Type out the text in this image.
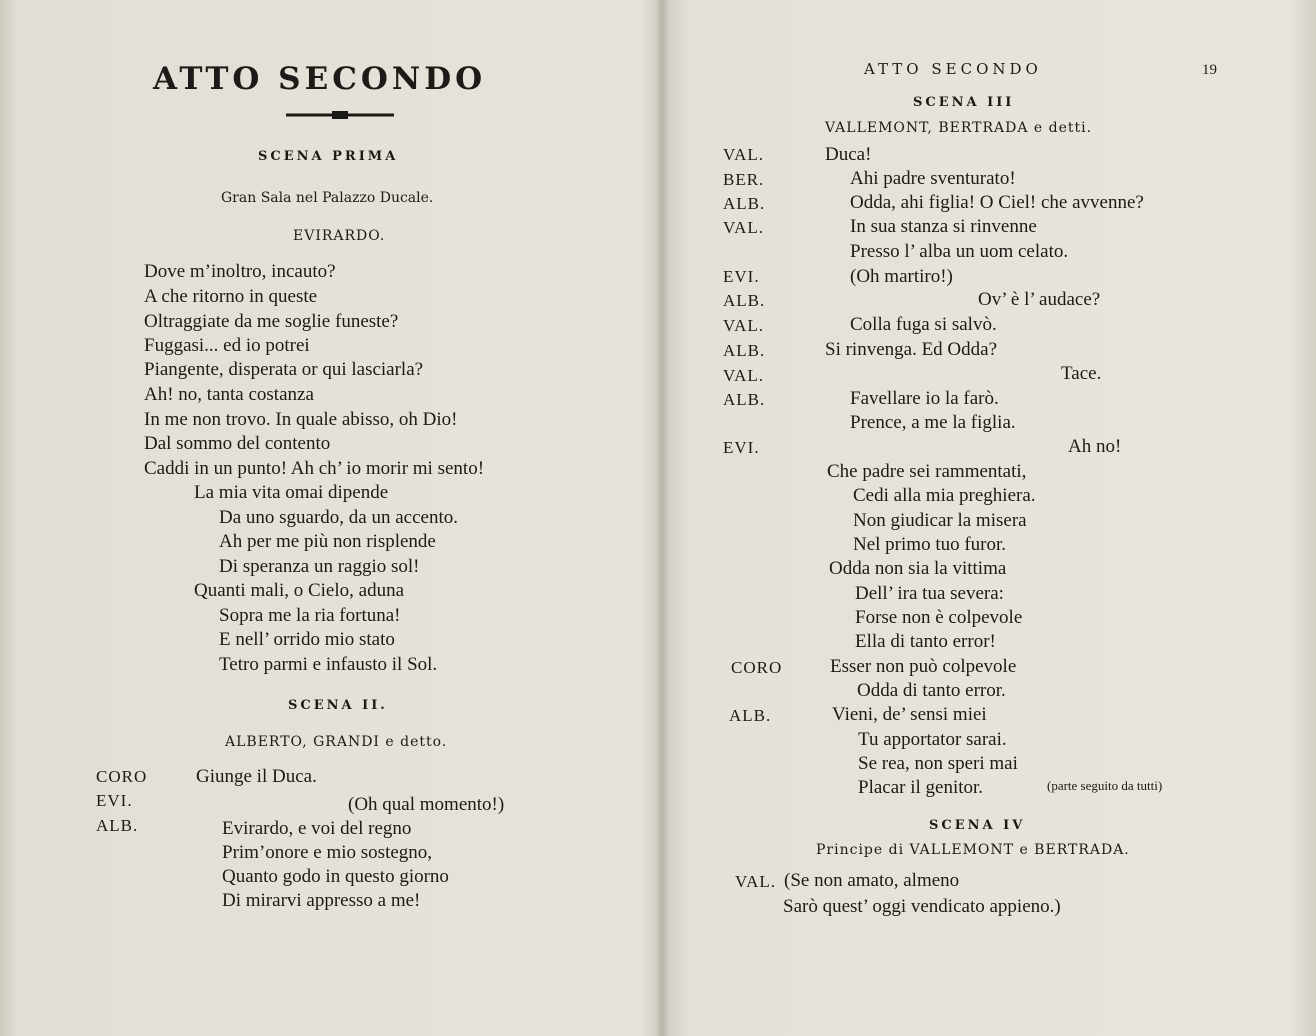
ATTO SECONDO
SCENA PRIMA
Gran Sala nel Palazzo Ducale.
EVIRARDO.
Dove m’inoltro, incauto?
A che ritorno in queste
Oltraggiate da me soglie funeste?
Fuggasi... ed io potrei
Piangente, disperata or qui lasciarla?
Ah! no, tanta costanza
In me non trovo. In quale abisso, oh Dio!
Dal sommo del contento
Caddi in un punto! Ah ch’ io morir mi sento!
La mia vita omai dipende
Da uno sguardo, da un accento.
Ah per me più non risplende
Di speranza un raggio sol!
Quanti mali, o Cielo, aduna
Sopra me la ria fortuna!
E nell’ orrido mio stato
Tetro parmi e infausto il Sol.
SCENA II.
ALBERTO, GRANDI e detto.
CORO	Giunge il Duca.
EVI.	(Oh qual momento!)
ALB.	Evirardo, e voi del regno
Prim’onore e mio sostegno,
Quanto godo in questo giorno
Di mirarvi appresso a me!
ATTO SECONDO	19
SCENA III
VALLEMONT, BERTRADA e detti.
VAL.	Duca!
BER.	Ahi padre sventurato!
ALB.	Odda, ahi figlia! O Ciel! che avvenne?
VAL.	In sua stanza si rinvenne
Presso l’ alba un uom celato.
EVI.	(Oh martiro!)
ALB.	Ov’ è l’ audace?
VAL.	Colla fuga si salvò.
ALB.	Si rinvenga. Ed Odda?
VAL.	Tace.
ALB.	Favellare io la farò.
Prence, a me la figlia.
EVI.	Ah no!
Che padre sei rammentati,
Cedi alla mia preghiera.
Non giudicar la misera
Nel primo tuo furor.
Odda non sia la vittima
Dell’ ira tua severa:
Forse non è colpevole
Ella di tanto error!
CORO	Esser non può colpevole
Odda di tanto error.
ALB.	Vieni, de’ sensi miei
Tu apportator sarai.
Se rea, non speri mai
Placar il genitor.	(parte seguito da tutti)
SCENA IV
Principe di VALLEMONT e BERTRADA.
VAL. (Se non amato, almeno
Sarò quest’ oggi vendicato appieno.)
